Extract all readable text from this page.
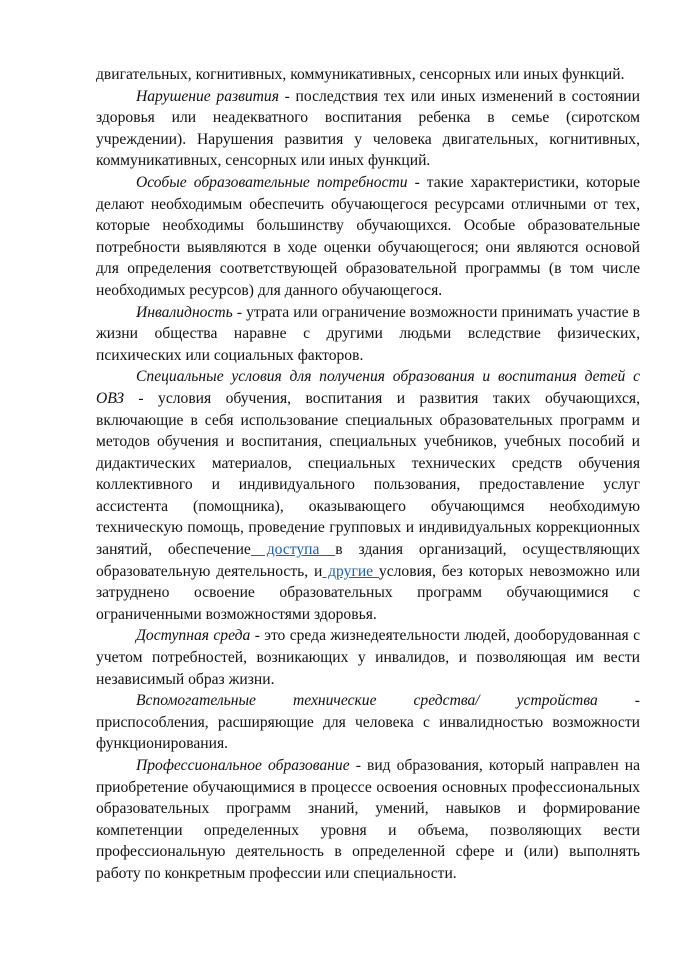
двигательных, когнитивных, коммуникативных, сенсорных или иных функций.

Нарушение развития - последствия тех или иных изменений в состоянии здоровья или неадекватного воспитания ребенка в семье (сиротском учреждении). Нарушения развития у человека двигательных, когнитивных, коммуникативных, сенсорных или иных функций.

Особые образовательные потребности - такие характеристики, которые делают необходимым обеспечить обучающегося ресурсами отличными от тех, которые необходимы большинству обучающихся. Особые образовательные потребности выявляются в ходе оценки обучающегося; они являются основой для определения соответствующей образовательной программы (в том числе необходимых ресурсов) для данного обучающегося.

Инвалидность - утрата или ограничение возможности принимать участие в жизни общества наравне с другими людьми вследствие физических, психических или социальных факторов.

Специальные условия для получения образования и воспитания детей с ОВЗ - условия обучения, воспитания и развития таких обучающихся, включающие в себя использование специальных образовательных программ и методов обучения и воспитания, специальных учебников, учебных пособий и дидактических материалов, специальных технических средств обучения коллективного и индивидуального пользования, предоставление услуг ассистента (помощника), оказывающего обучающимся необходимую техническую помощь, проведение групповых и индивидуальных коррекционных занятий, обеспечение доступа в здания организаций, осуществляющих образовательную деятельность, и другие условия, без которых невозможно или затруднено освоение образовательных программ обучающимися с ограниченными возможностями здоровья.

Доступная среда - это среда жизнедеятельности людей, дооборудованная с учетом потребностей, возникающих у инвалидов, и позволяющая им вести независимый образ жизни.

Вспомогательные технические средства/ устройства -

приспособления, расширяющие для человека с инвалидностью возможности функционирования.

Профессиональное образование - вид образования, который направлен на приобретение обучающимися в процессе освоения основных профессиональных образовательных программ знаний, умений, навыков и формирование компетенции определенных уровня и объема, позволяющих вести профессиональную деятельность в определенной сфере и (или) выполнять работу по конкретным профессии или специальности.
